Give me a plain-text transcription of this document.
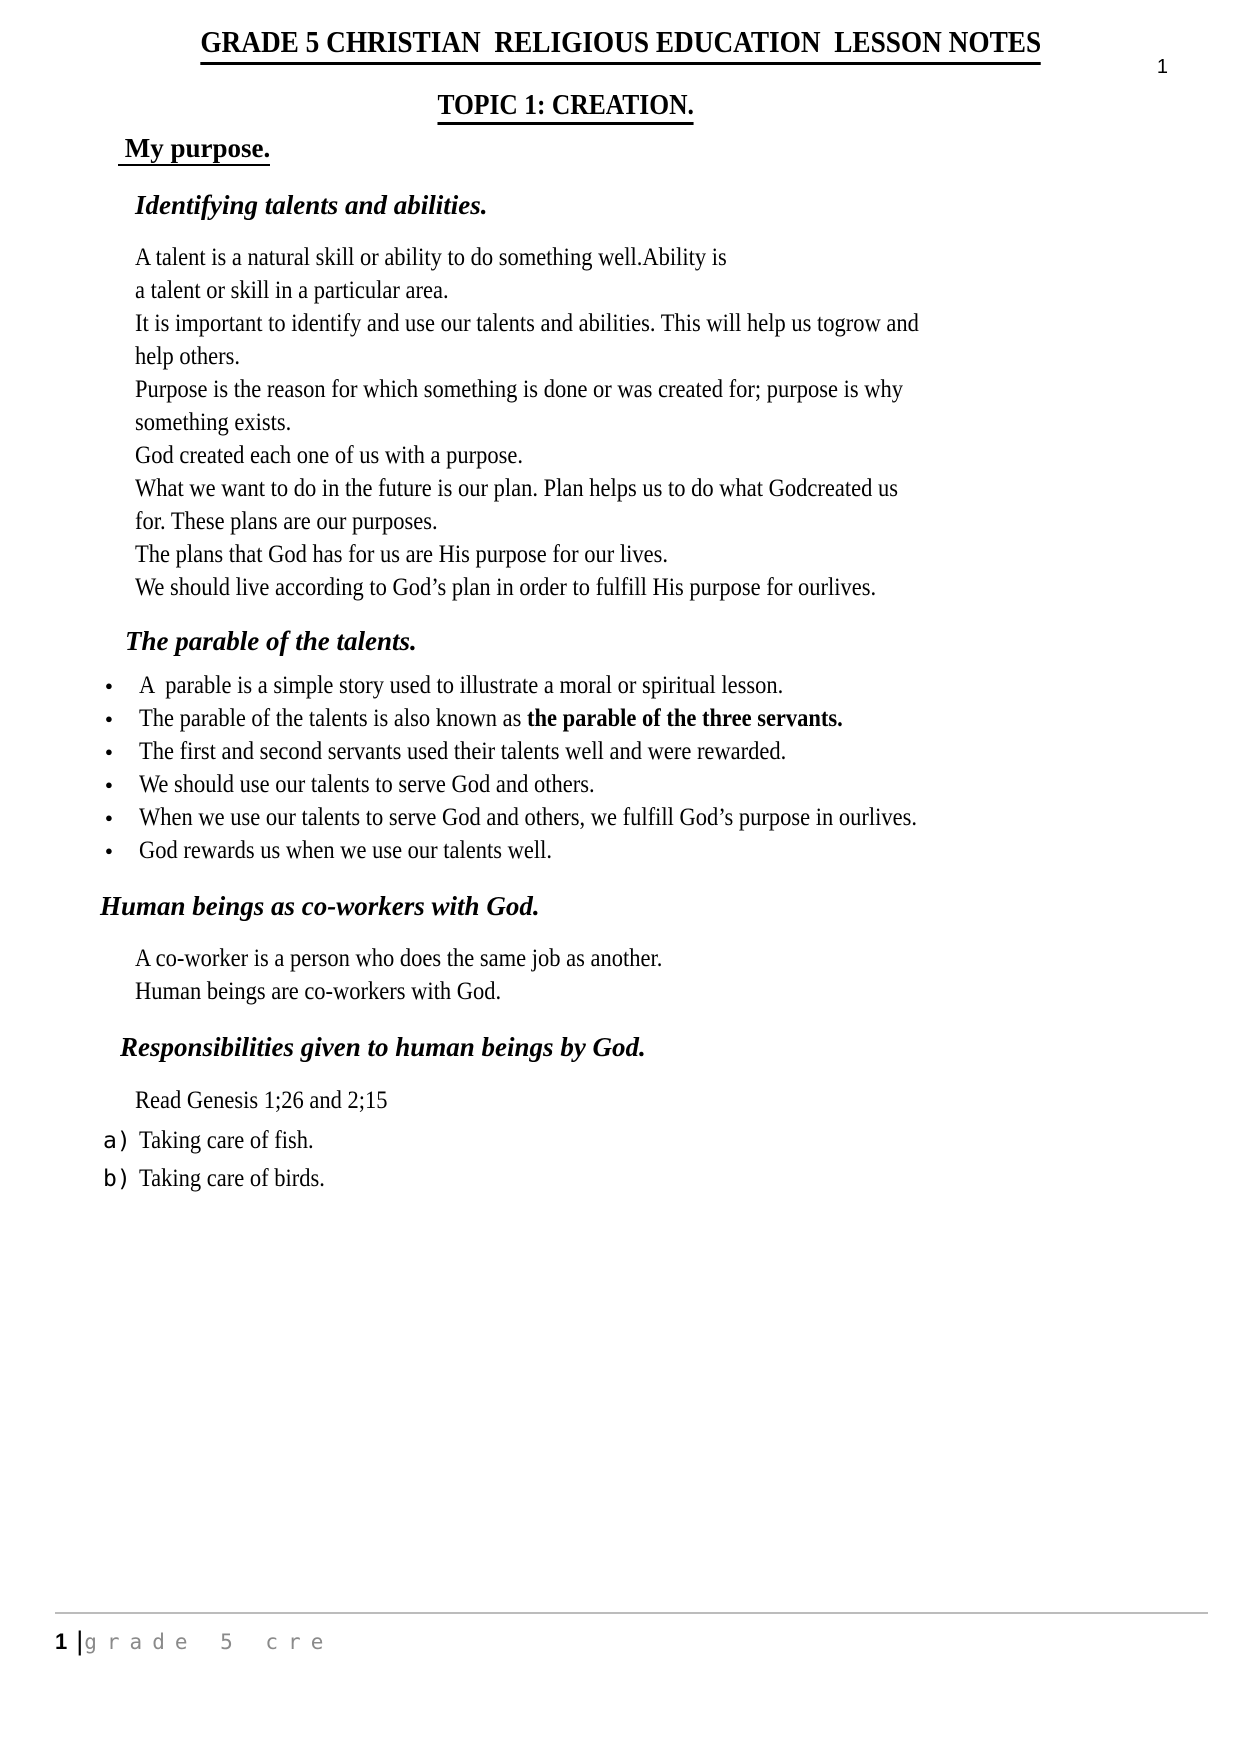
GRADE 5 CHRISTIAN  RELIGIOUS EDUCATION  LESSON NOTES
1
TOPIC 1: CREATION.
My purpose.
Identifying talents and abilities.
A talent is a natural skill or ability to do something well.Ability is
a talent or skill in a particular area.
It is important to identify and use our talents and abilities. This will help us togrow and
help others.
Purpose is the reason for which something is done or was created for; purpose is why
something exists.
God created each one of us with a purpose.
What we want to do in the future is our plan. Plan helps us to do what Godcreated us
for. These plans are our purposes.
The plans that God has for us are His purpose for our lives.
We should live according to God’s plan in order to fulfill His purpose for ourlives.
The parable of the talents.
●	A  parable is a simple story used to illustrate a moral or spiritual lesson.
●	The parable of the talents is also known as the parable of the three servants.
●	The first and second servants used their talents well and were rewarded.
●	We should use our talents to serve God and others.
●	When we use our talents to serve God and others, we fulfill God’s purpose in ourlives.
●	God rewards us when we use our talents well.
Human beings as co-workers with God.
A co-worker is a person who does the same job as another.
Human beings are co-workers with God.
Responsibilities given to human beings by God.
Read Genesis 1;26 and 2;15
a) Taking care of fish.
b) Taking care of birds.
1 | grade 5 cre
